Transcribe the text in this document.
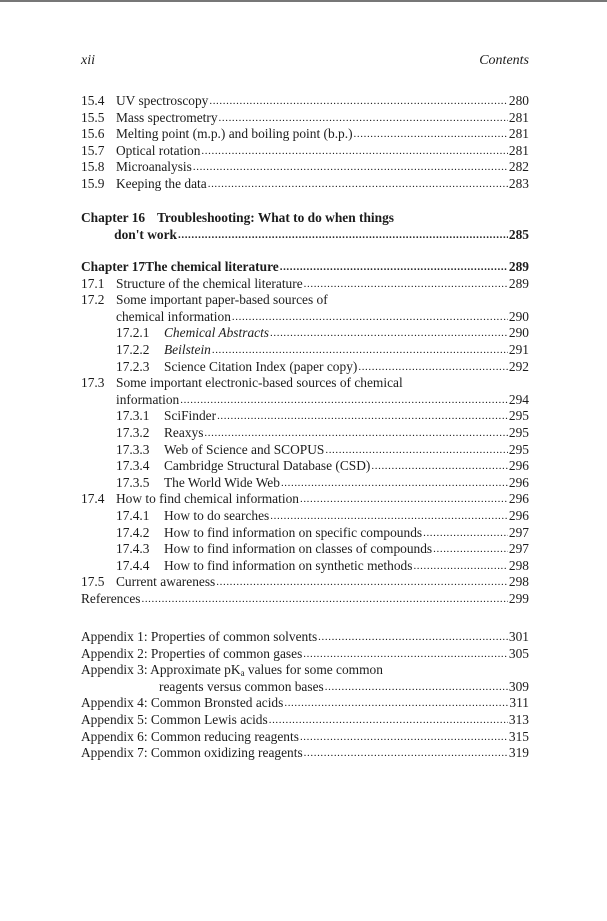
xii	Contents
15.4 UV spectroscopy .....	280
15.5 Mass spectrometry .....	281
15.6 Melting point (m.p.) and boiling point (b.p.) .....	281
15.7 Optical rotation .....	281
15.8 Microanalysis .....	282
15.9 Keeping the data .....	283
Chapter 16 Troubleshooting: What to do when things
don't work .....	285
Chapter 17 The chemical literature .....	289
17.1 Structure of the chemical literature .....	289
17.2 Some important paper-based sources of
chemical information .....	290
17.2.1	Chemical Abstracts .....	290
17.2.2	Beilstein .....	291
17.2.3	Science Citation Index (paper copy) .....	292
17.3 Some important electronic-based sources of chemical
information .....	294
17.3.1	SciFinder .....	295
17.3.2	Reaxys .....	295
17.3.3	Web of Science and SCOPUS .....	295
17.3.4	Cambridge Structural Database (CSD) .....	296
17.3.5	The World Wide Web .....	296
17.4 How to find chemical information .....	296
17.4.1	How to do searches .....	296
17.4.2	How to find information on specific compounds .....	297
17.4.3	How to find information on classes of compounds .....	297
17.4.4	How to find information on synthetic methods .....	298
17.5 Current awareness .....	298
References .....	299
Appendix 1: Properties of common solvents .....	301
Appendix 2: Properties of common gases .....	305
Appendix 3: Approximate $pK_a$ values for some common
reagents versus common bases .....	309
Appendix 4: Common Bronsted acids .....	311
Appendix 5: Common Lewis acids .....	313
Appendix 6: Common reducing reagents .....	315
Appendix 7: Common oxidizing reagents .....	319
